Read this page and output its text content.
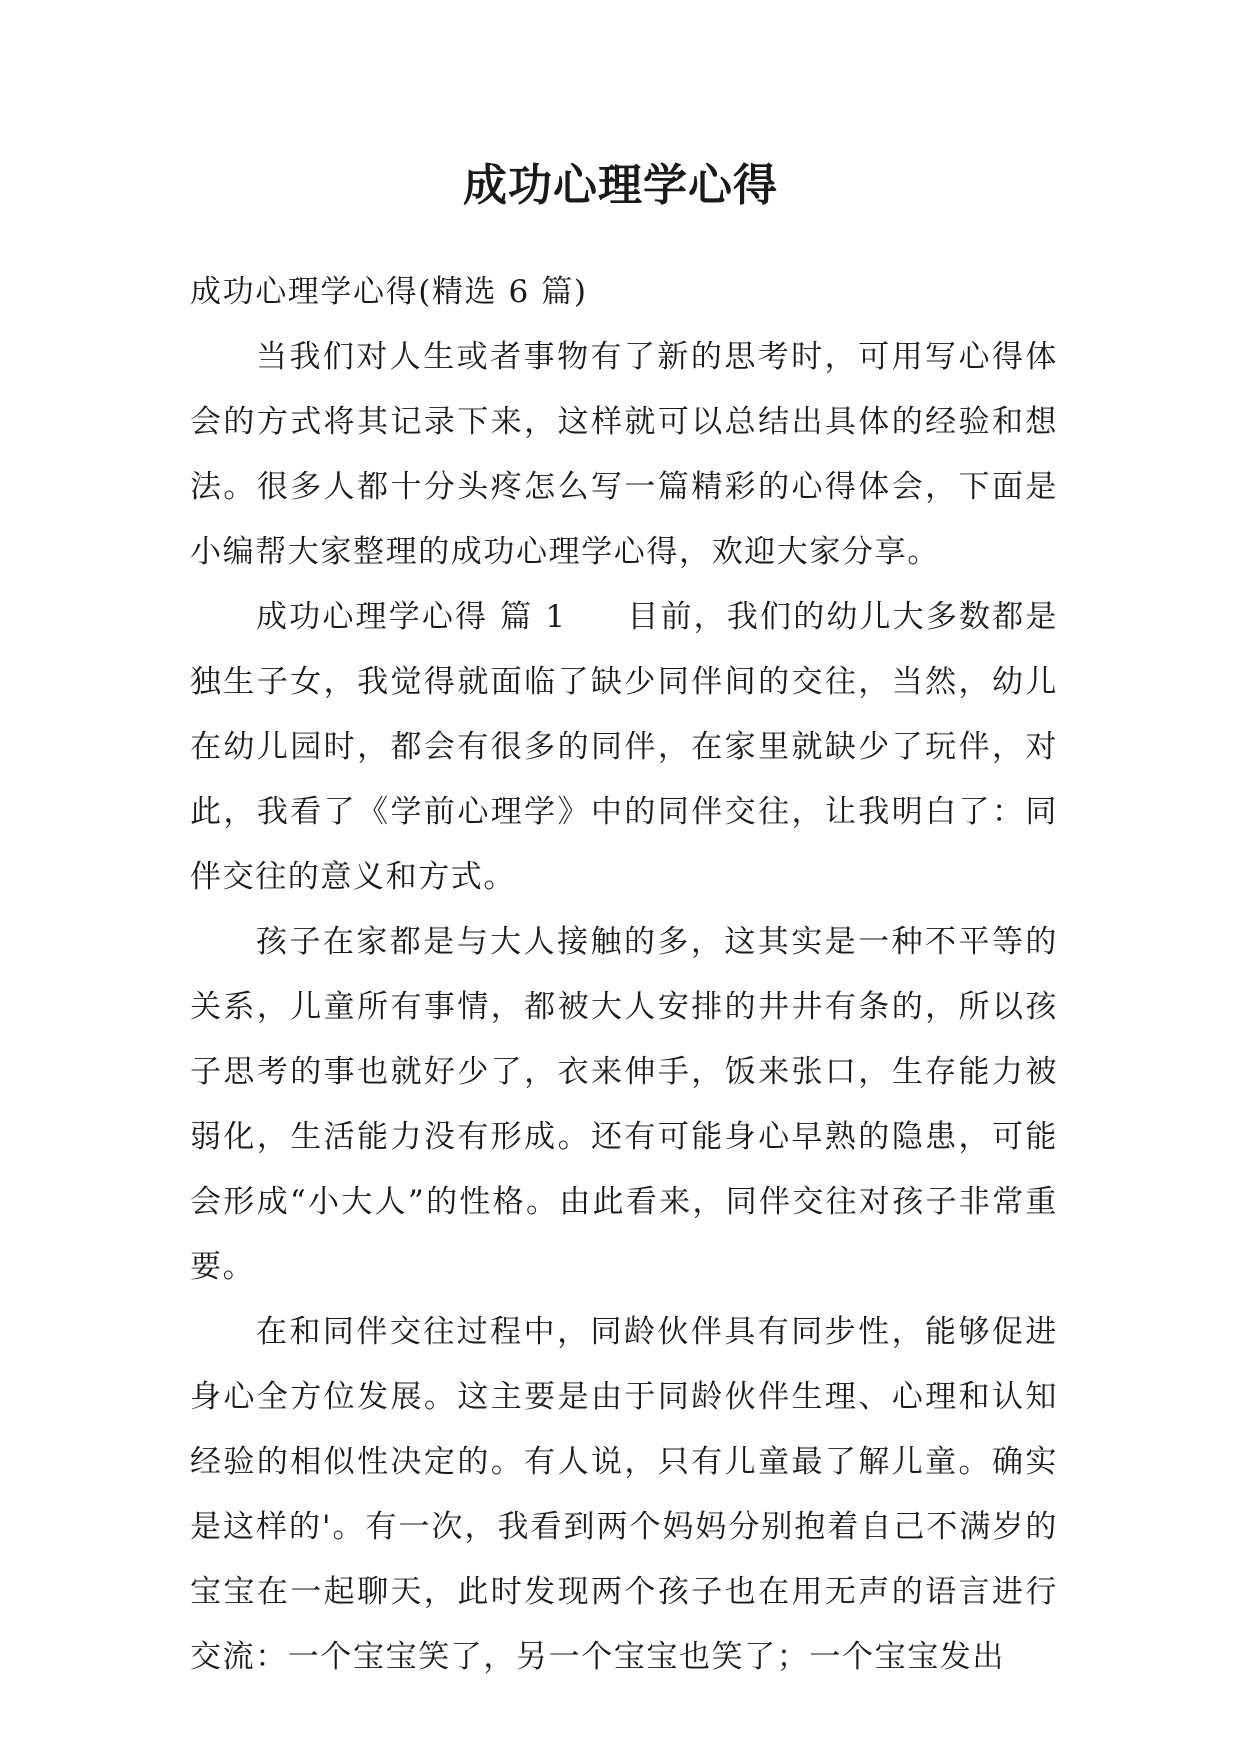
成功心理学心得

成功心理学心得(精选 6 篇)

当我们对人生或者事物有了新的思考时，可用写心得体会的方式将其记录下来，这样就可以总结出具体的经验和想法。很多人都十分头疼怎么写一篇精彩的心得体会，下面是小编帮大家整理的成功心理学心得，欢迎大家分享。

成功心理学心得 篇 1 目前，我们的幼儿大多数都是独生子女，我觉得就面临了缺少同伴间的交往，当然，幼儿在幼儿园时，都会有很多的同伴，在家里就缺少了玩伴，对此，我看了《学前心理学》中的同伴交往，让我明白了：同伴交往的意义和方式。

孩子在家都是与大人接触的多，这其实是一种不平等的关系，儿童所有事情，都被大人安排的井井有条的，所以孩子思考的事也就好少了，衣来伸手，饭来张口，生存能力被弱化，生活能力没有形成。还有可能身心早熟的隐患，可能会形成“小大人”的性格。由此看来，同伴交往对孩子非常重要。

在和同伴交往过程中，同龄伙伴具有同步性，能够促进身心全方位发展。这主要是由于同龄伙伴生理、心理和认知经验的相似性决定的。有人说，只有儿童最了解儿童。确实是这样的'。有一次，我看到两个妈妈分别抱着自己不满岁的宝宝在一起聊天，此时发现两个孩子也在用无声的语言进行交流：一个宝宝笑了，另一个宝宝也笑了；一个宝宝发出
